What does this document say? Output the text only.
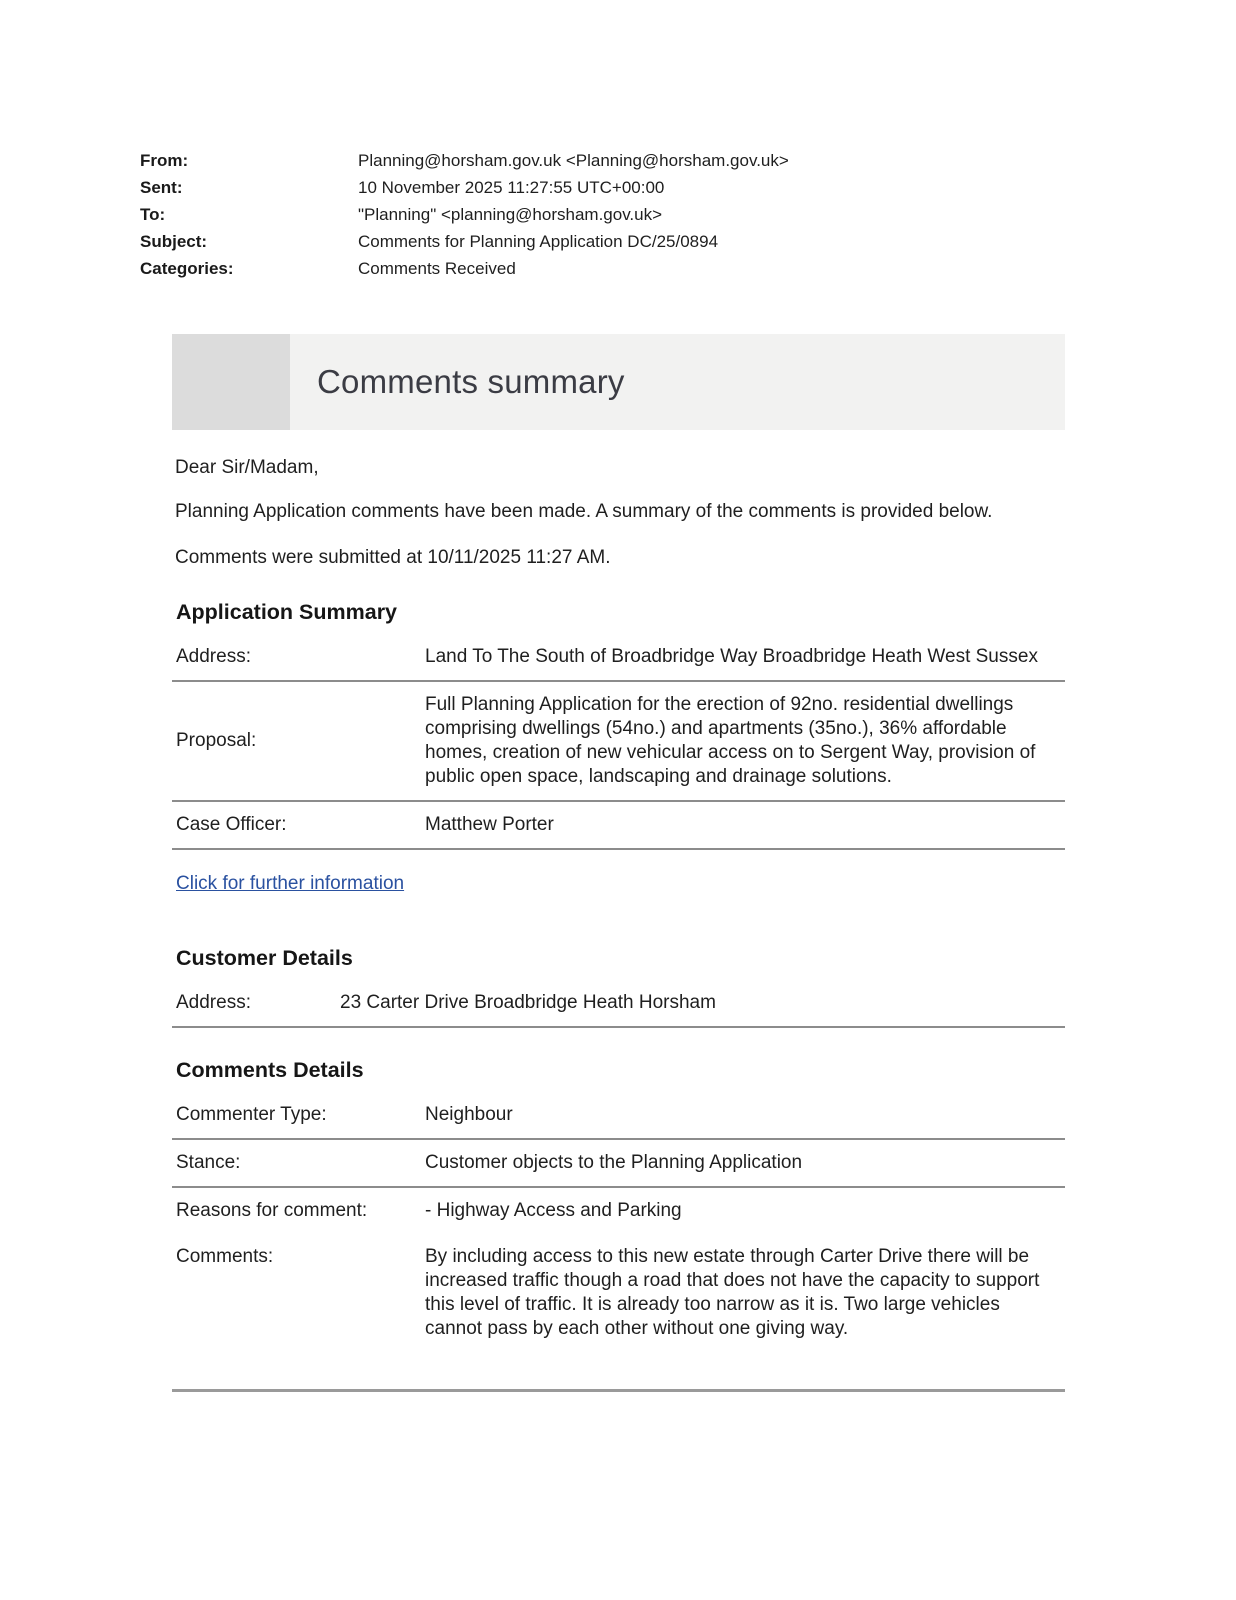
From:	Planning@horsham.gov.uk <Planning@horsham.gov.uk>
Sent:	10 November 2025 11:27:55 UTC+00:00
To:	"Planning" <planning@horsham.gov.uk>
Subject:	Comments for Planning Application DC/25/0894
Categories:	Comments Received
Comments summary

Dear Sir/Madam,

Planning Application comments have been made. A summary of the comments is provided below.

Comments were submitted at 10/11/2025 11:27 AM.

Application Summary
Address:	Land To The South of Broadbridge Way Broadbridge Heath West Sussex
Proposal:
Full Planning Application for the erection of 92no. residential dwellings comprising dwellings (54no.) and apartments (35no.), 36% affordable homes, creation of new vehicular access on to Sergent Way, provision of public open space, landscaping and drainage solutions.
Case Officer:	Matthew Porter
Click for further information
Customer Details
Address:	23 Carter Drive Broadbridge Heath Horsham
Comments Details
Commenter Type:	Neighbour
Stance:	Customer objects to the Planning Application
Reasons for comment:	- Highway Access and Parking
Comments:	By including access to this new estate through Carter Drive there will be increased traffic though a road that does not have the capacity to support this level of traffic. It is already too narrow as it is. Two large vehicles cannot pass by each other without one giving way.
